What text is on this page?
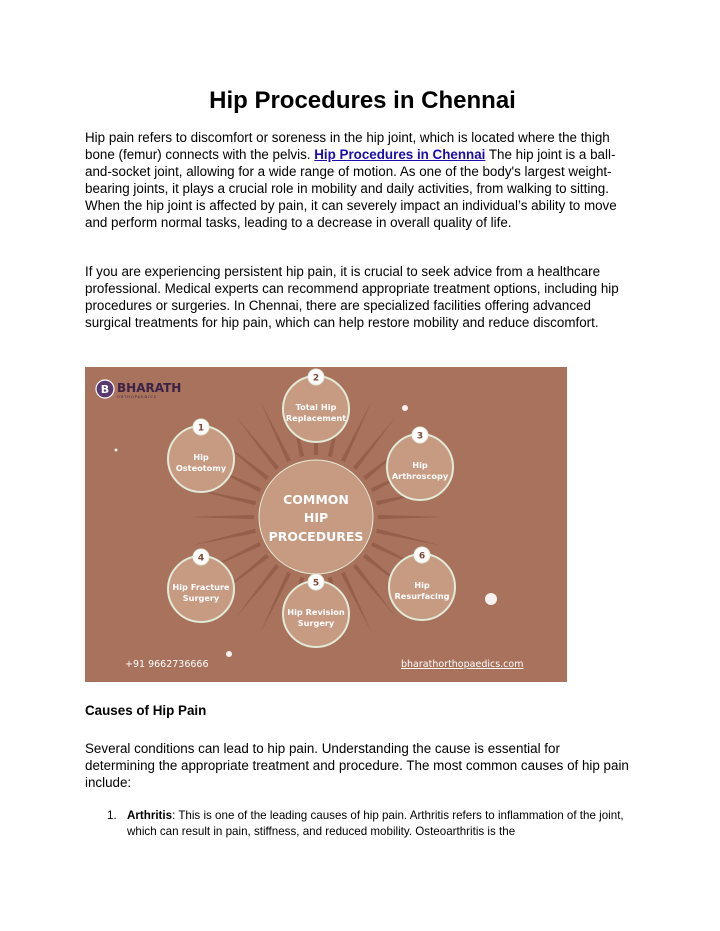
Hip Procedures in Chennai

Hip pain refers to discomfort or soreness in the hip joint, which is located where the thigh bone (femur) connects with the pelvis. Hip Procedures in Chennai The hip joint is a ball-and-socket joint, allowing for a wide range of motion. As one of the body's largest weight-bearing joints, it plays a crucial role in mobility and daily activities, from walking to sitting. When the hip joint is affected by pain, it can severely impact an individual’s ability to move and perform normal tasks, leading to a decrease in overall quality of life.

If you are experiencing persistent hip pain, it is crucial to seek advice from a healthcare professional. Medical experts can recommend appropriate treatment options, including hip procedures or surgeries. In Chennai, there are specialized facilities offering advanced surgical treatments for hip pain, which can help restore mobility and reduce discomfort.

B BHARATH
ORTHOPAEDICS
COMMON
HIP
PROCEDURES
1
Hip
Osteotomy
2
Total Hip
Replacement
3
Hip
Arthroscopy
4
Hip Fracture
Surgery
5
Hip Revision
Surgery
6
Hip
Resurfacing
+91 9662736666	bharathorthopaedics.com
Causes of Hip Pain

Several conditions can lead to hip pain. Understanding the cause is essential for determining the appropriate treatment and procedure. The most common causes of hip pain include:

1. Arthritis: This is one of the leading causes of hip pain. Arthritis refers to inflammation of the joint, which can result in pain, stiffness, and reduced mobility. Osteoarthritis is the
